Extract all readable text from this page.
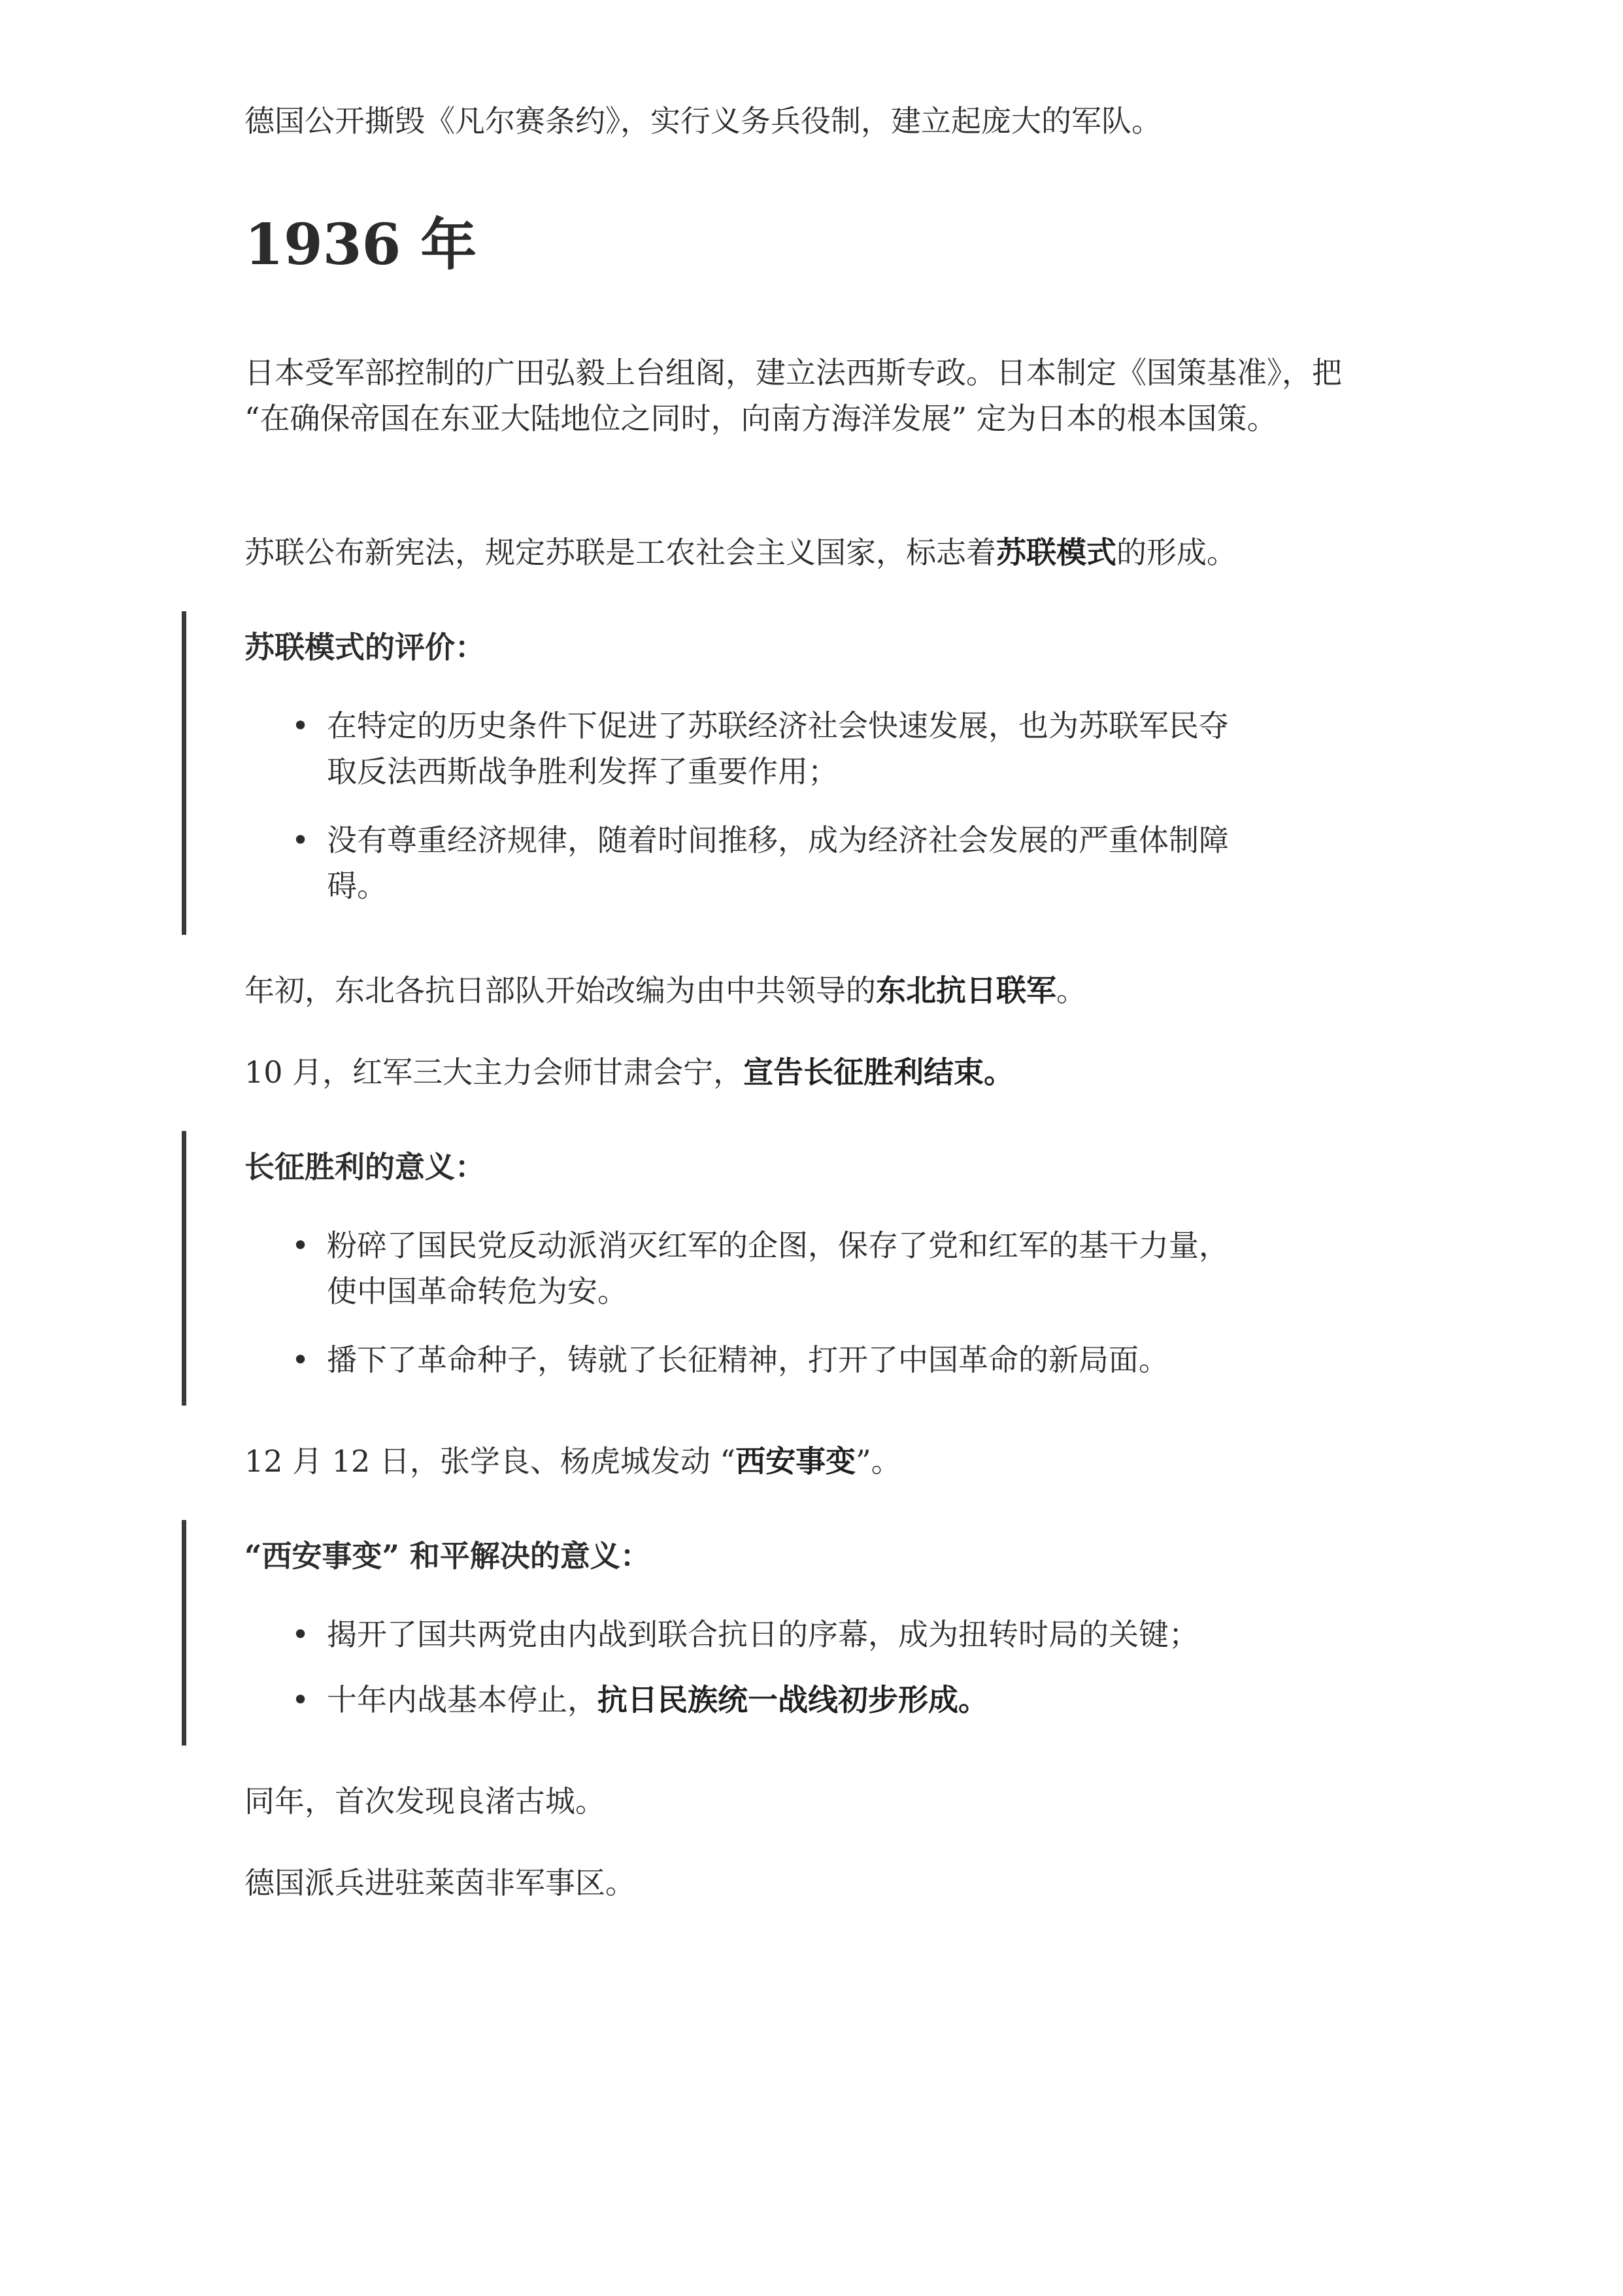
德国公开撕毁《凡尔赛条约》，实行义务兵役制，建立起庞大的军队。

1936 年

日本受军部控制的广田弘毅上台组阁，建立法西斯专政。日本制定《国策基准》，把 “在确保帝国在东亚大陆地位之同时，向南方海洋发展” 定为日本的根本国策。

苏联公布新宪法，规定苏联是工农社会主义国家，标志着苏联模式的形成。

苏联模式的评价：

• 在特定的历史条件下促进了苏联经济社会快速发展，也为苏联军民夺取反法西斯战争胜利发挥了重要作用；
• 没有尊重经济规律，随着时间推移，成为经济社会发展的严重体制障碍。

年初，东北各抗日部队开始改编为由中共领导的东北抗日联军。

10 月，红军三大主力会师甘肃会宁，宣告长征胜利结束。

长征胜利的意义：

• 粉碎了国民党反动派消灭红军的企图，保存了党和红军的基干力量，使中国革命转危为安。
• 播下了革命种子，铸就了长征精神，打开了中国革命的新局面。

12 月 12 日，张学良、杨虎城发动 “西安事变”。

“西安事变” 和平解决的意义：

• 揭开了国共两党由内战到联合抗日的序幕，成为扭转时局的关键；
• 十年内战基本停止，抗日民族统一战线初步形成。

同年，首次发现良渚古城。

德国派兵进驻莱茵非军事区。
